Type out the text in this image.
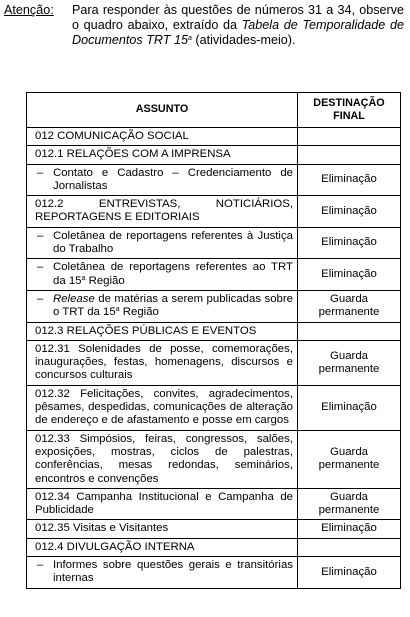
Atenção: Para responder às questões de números 31 a 34, observe o quadro abaixo, extraído da Tabela de Temporalidade de Documentos TRT 15$^a$ (atividades-meio).
ASSUNTO	DESTINAÇÃO FINAL
012 COMUNICAÇÃO SOCIAL	
012.1 RELAÇÕES COM A IMPRENSA	

– Contato e Cadastro – Credenciamento de Jornalistas	Eliminação
012.2 ENTREVISTAS, NOTICIÁRIOS, REPORTAGENS E EDITORIAIS	Eliminação

– Coletânea de reportagens referentes à Justiça do Trabalho	Eliminação

– Coletânea de reportagens referentes ao TRT da 15$^a$ Região	Eliminação

– Release de matérias a serem publicadas sobre o TRT da 15$^a$ Região	Guarda permanente
012.3 RELAÇÕES PÚBLICAS E EVENTOS	
012.31 Solenidades de posse, comemorações, inaugurações, festas, homenagens, discursos e concursos culturais	Guarda permanente
012.32 Felicitações, convites, agradecimentos, pêsames, despedidas, comunicações de alteração de endereço e de afastamento e posse em cargos	Eliminação
012.33 Simpósios, feiras, congressos, salões, exposições, mostras, ciclos de palestras, conferências, mesas redondas, seminários, encontros e convenções	Guarda permanente
012.34 Campanha Institucional e Campanha de Publicidade	Guarda permanente
012.35 Visitas e Visitantes	Eliminação
012.4 DIVULGAÇÃO INTERNA	

– Informes sobre questões gerais e transitórias internas	Eliminação
